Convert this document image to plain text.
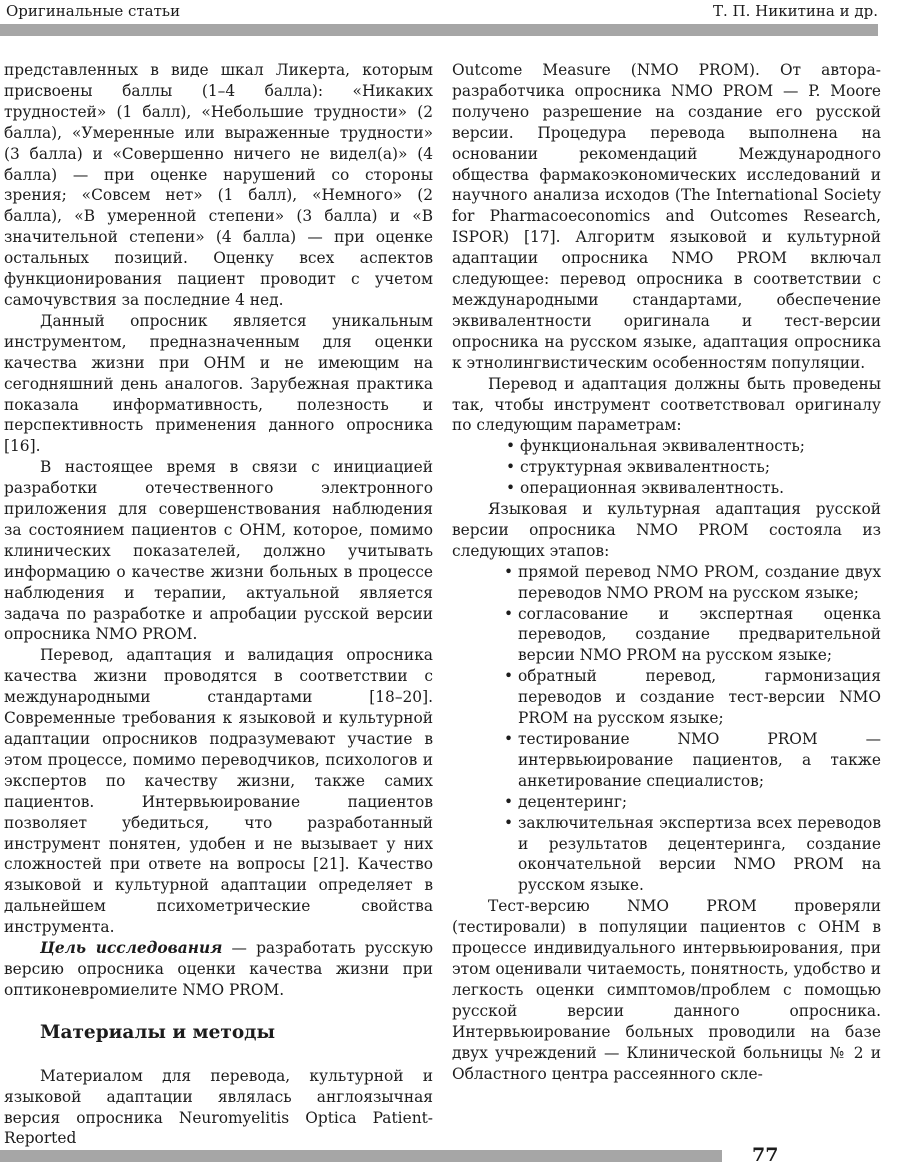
Оригинальные статьи	Т. П. Никитина и др.

представленных в виде шкал Ликерта, которым присвоены баллы (1–4 балла): «Никаких трудностей» (1 балл), «Небольшие трудности» (2 балла), «Умеренные или выраженные трудности» (3 балла) и «Совершенно ничего не видел(а)» (4 балла) — при оценке нарушений со стороны зрения; «Совсем нет» (1 балл), «Немного» (2 балла), «В умеренной степени» (3 балла) и «В значительной степени» (4 балла) — при оценке остальных позиций. Оценку всех аспектов функционирования пациент проводит с учетом самочувствия за последние 4 нед.

Данный опросник является уникальным инструментом, предназначенным для оценки качества жизни при ОНМ и не имеющим на сегодняшний день аналогов. Зарубежная практика показала информативность, полезность и перспективность применения данного опросника [16].

В настоящее время в связи с инициацией разработки отечественного электронного приложения для совершенствования наблюдения за состоянием пациентов с ОНМ, которое, помимо клинических показателей, должно учитывать информацию о качестве жизни больных в процессе наблюдения и терапии, актуальной является задача по разработке и апробации русской версии опросника NMO PROM.

Перевод, адаптация и валидация опросника качества жизни проводятся в соответствии с международными стандартами [18–20]. Современные требования к языковой и культурной адаптации опросников подразумевают участие в этом процессе, помимо переводчиков, психологов и экспертов по качеству жизни, также самих пациентов. Интервьюирование пациентов позволяет убедиться, что разработанный инструмент понятен, удобен и не вызывает у них сложностей при ответе на вопросы [21]. Качество языковой и культурной адаптации определяет в дальнейшем психометрические свойства инструмента.

Цель исследования — разработать русскую версию опросника оценки качества жизни при оптиконевромиелите NMO PROM.

Материалы и методы

Материалом для перевода, культурной и языковой адаптации являлась англоязычная версия опросника Neuromyelitis Optica Patient-Reported

Outcome Measure (NMO PROM). От автора-разработчика опросника NMO PROM — P. Moore получено разрешение на создание его русской версии. Процедура перевода выполнена на основании рекомендаций Международного общества фармакоэкономических исследований и научного анализа исходов (The International Society for Pharmacoeconomics and Outcomes Research, ISPOR) [17]. Алгоритм языковой и культурной адаптации опросника NMO PROM включал следующее: перевод опросника в соответствии с международными стандартами, обеспечение эквивалентности оригинала и тест-версии опросника на русском языке, адаптация опросника к этнолингвистическим особенностям популяции.

Перевод и адаптация должны быть проведены так, чтобы инструмент соответствовал оригиналу по следующим параметрам:

• функциональная эквивалентность;
• структурная эквивалентность;
• операционная эквивалентность.

Языковая и культурная адаптация русской версии опросника NMO PROM состояла из следующих этапов:

• прямой перевод NMO PROM, создание двух переводов NMO PROM на русском языке;
• согласование и экспертная оценка переводов, создание предварительной версии NMO PROM на русском языке;
• обратный перевод, гармонизация переводов и создание тест-версии NMO PROM на русском языке;
• тестирование NMO PROM — интервьюирование пациентов, а также анкетирование специалистов;
• децентеринг;
• заключительная экспертиза всех переводов и результатов децентеринга, создание окончательной версии NMO PROM на русском языке.

Тест-версию NMO PROM проверяли (тестировали) в популяции пациентов с ОНМ в процессе индивидуального интервьюирования, при этом оценивали читаемость, понятность, удобство и легкость оценки симптомов/проблем с помощью русской версии данного опросника. Интервьюирование больных проводили на базе двух учреждений — Клинической больницы № 2 и Областного центра рассеянного скле-

77
